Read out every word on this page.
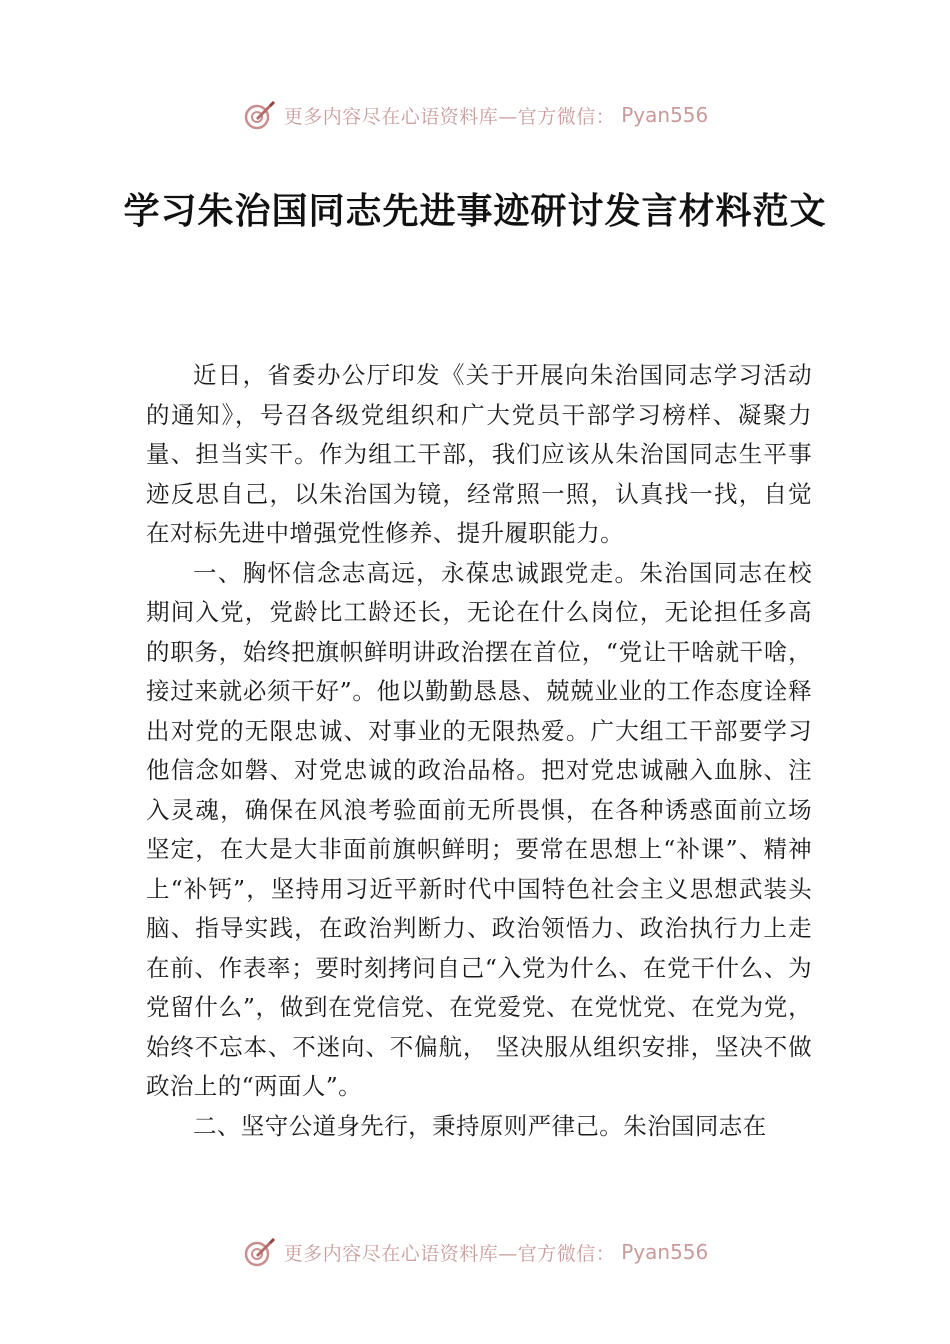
更多内容尽在心语资料库—官方微信： Pyan556
学习朱治国同志先进事迹研讨发言材料范文

近日，省委办公厅印发《关于开展向朱治国同志学习活动的通知》，号召各级党组织和广大党员干部学习榜样、凝聚力量、担当实干。作为组工干部，我们应该从朱治国同志生平事迹反思自己，以朱治国为镜，经常照一照，认真找一找，自觉在对标先进中增强党性修养、提升履职能力。

一、胸怀信念志高远，永葆忠诚跟党走。朱治国同志在校期间入党，党龄比工龄还长，无论在什么岗位，无论担任多高的职务，始终把旗帜鲜明讲政治摆在首位，“党让干啥就干啥，接过来就必须干好”。他以勤勤恳恳、兢兢业业的工作态度诠释出对党的无限忠诚、对事业的无限热爱。广大组工干部要学习他信念如磐、对党忠诚的政治品格。把对党忠诚融入血脉、注入灵魂，确保在风浪考验面前无所畏惧，在各种诱惑面前立场坚定，在大是大非面前旗帜鲜明；要常在思想上“补课”、精神上“补钙”，坚持用习近平新时代中国特色社会主义思想武装头脑、指导实践，在政治判断力、政治领悟力、政治执行力上走在前、作表率；要时刻拷问自己“入党为什么、在党干什么、为党留什么”，做到在党信党、在党爱党、在党忧党、在党为党，始终不忘本、不迷向、不偏航， 坚决服从组织安排，坚决不做政治上的“两面人”。

二、坚守公道身先行，秉持原则严律己。朱治国同志在

更多内容尽在心语资料库—官方微信： Pyan556
